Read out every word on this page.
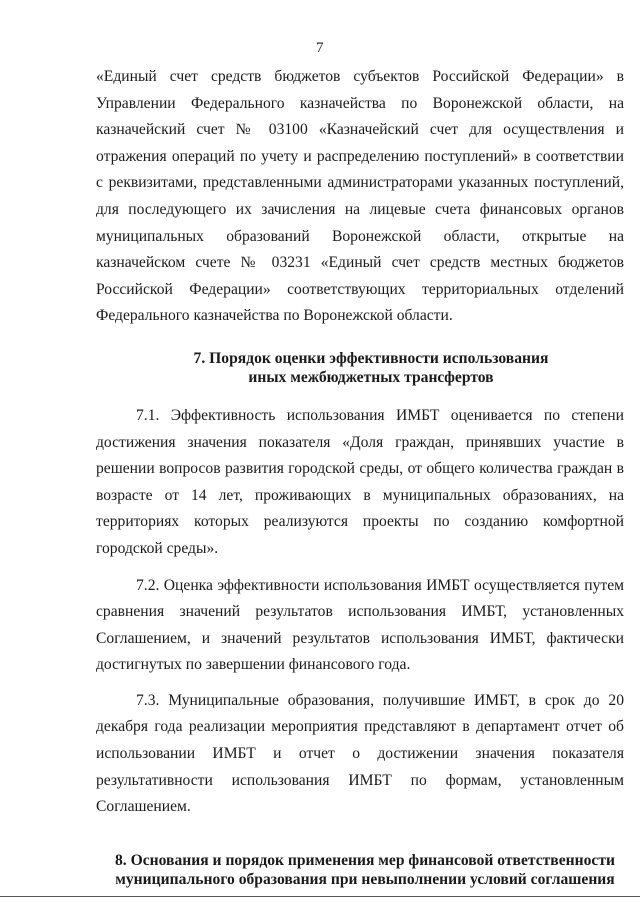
7

«Единый счет средств бюджетов субъектов Российской Федерации» в Управлении Федерального казначейства по Воронежской области, на казначейский счет № 03100 «Казначейский счет для осуществления и отражения операций по учету и распределению поступлений» в соответствии с реквизитами, представленными администраторами указанных поступлений, для последующего их зачисления на лицевые счета финансовых органов муниципальных образований Воронежской области, открытые на казначейском счете № 03231 «Единый счет средств местных бюджетов Российской Федерации» соответствующих территориальных отделений Федерального казначейства по Воронежской области.

7. Порядок оценки эффективности использования
иных межбюджетных трансфертов

7.1. Эффективность использования ИМБТ оценивается по степени достижения значения показателя «Доля граждан, принявших участие в решении вопросов развития городской среды, от общего количества граждан в возрасте от 14 лет, проживающих в муниципальных образованиях, на территориях которых реализуются проекты по созданию комфортной городской среды».

7.2. Оценка эффективности использования ИМБТ осуществляется путем сравнения значений результатов использования ИМБТ, установленных Соглашением, и значений результатов использования ИМБТ, фактически достигнутых по завершении финансового года.

7.3. Муниципальные образования, получившие ИМБТ, в срок до 20 декабря года реализации мероприятия представляют в департамент отчет об использовании ИМБТ и отчет о достижении значения показателя результативности использования ИМБТ по формам, установленным Соглашением.

8. Основания и порядок применения мер финансовой ответственности
муниципального образования при невыполнении условий соглашения
